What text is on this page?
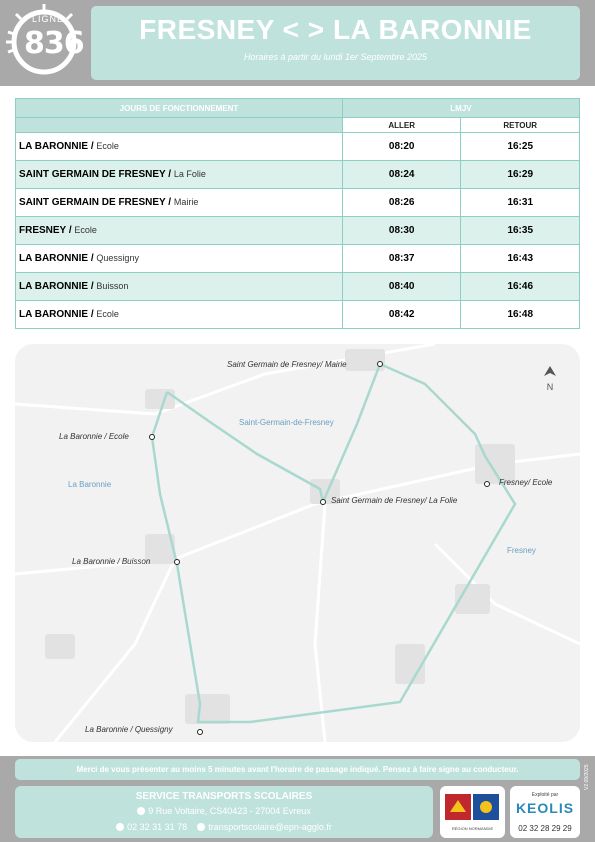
LIGNE
836	FRESNEY < > LA BARONNIE
Horaires à partir du lundi 1er Septembre 2025
JOURS DE FONCTIONNEMENT	LMJV	
	ALLER	RETOUR
LA BARONNIE / Ecole	08:20	16:25
SAINT GERMAIN DE FRESNEY / La Folie	08:24	16:29
SAINT GERMAIN DE FRESNEY / Mairie	08:26	16:31
FRESNEY / Ecole	08:30	16:35
LA BARONNIE / Quessigny	08:37	16:43
LA BARONNIE / Buisson	08:40	16:46
LA BARONNIE / Ecole	08:42	16:48
Saint Germain de Fresney/ Mairie
La Baronnie / Ecole
Fresney/ Ecole
Saint Germain de Fresney/ La Folie
La Baronnie / Buisson
La Baronnie / Quessigny
Saint-Germain-de-Fresney
La Baronnie
Fresney
N
Merci de vous présenter au moins 5 minutes avant l'horaire de passage indiqué. Pensez à faire signe au conducteur.
SERVICE TRANSPORTS SCOLAIRES
9 Rue Voltaire, CS40423 - 27004 Evreux
02 32 31 31 78 transportscolaire@epn-agglo.fr	RÉGION NORMANDIE
Exploité par
KEOLIS
02 32 28 29 29
V2 09/2025
